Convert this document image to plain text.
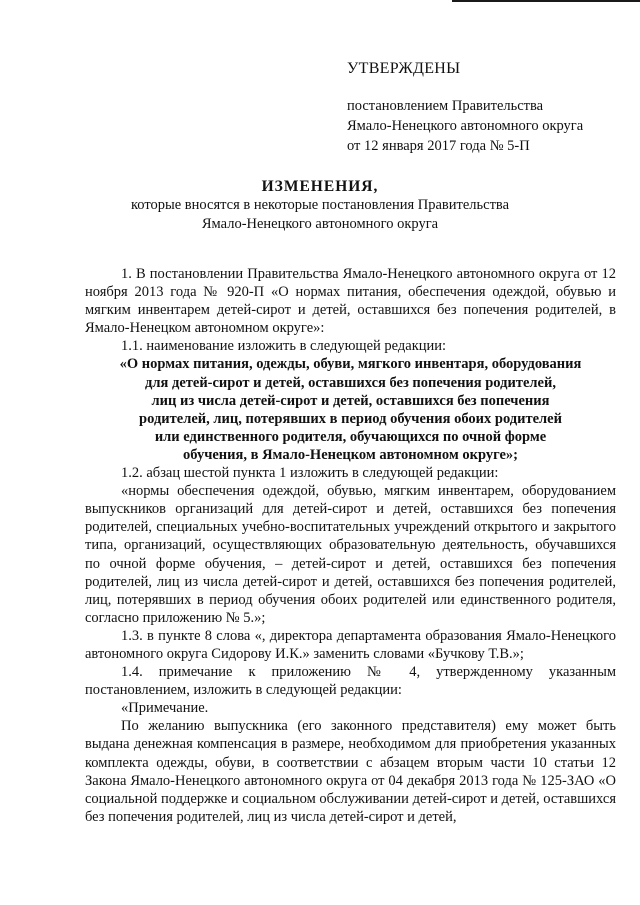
УТВЕРЖДЕНЫ
постановлением Правительства
Ямало-Ненецкого автономного округа
от 12 января 2017 года № 5-П
ИЗМЕНЕНИЯ,
которые вносятся в некоторые постановления Правительства
Ямало-Ненецкого автономного округа

1. В постановлении Правительства Ямало-Ненецкого автономного округа от 12 ноября 2013 года № 920-П «О нормах питания, обеспечения одеждой, обувью и мягким инвентарем детей-сирот и детей, оставшихся без попечения родителей, в Ямало-Ненецком автономном округе»:

1.1. наименование изложить в следующей редакции:

«О нормах питания, одежды, обуви, мягкого инвентаря, оборудования

для детей-сирот и детей, оставшихся без попечения родителей,

лиц из числа детей-сирот и детей, оставшихся без попечения

родителей, лиц, потерявших в период обучения обоих родителей

или единственного родителя, обучающихся по очной форме

обучения, в Ямало-Ненецком автономном округе»;

1.2. абзац шестой пункта 1 изложить в следующей редакции:

«нормы обеспечения одеждой, обувью, мягким инвентарем, оборудованием выпускников организаций для детей-сирот и детей, оставшихся без попечения родителей, специальных учебно-воспитательных учреждений открытого и закрытого типа, организаций, осуществляющих образовательную деятельность, обучавшихся по очной форме обучения, – детей-сирот и детей, оставшихся без попечения родителей, лиц из числа детей-сирот и детей, оставшихся без попечения родителей, лиц, потерявших в период обучения обоих родителей или единственного родителя, согласно приложению № 5.»;

1.3. в пункте 8 слова «, директора департамента образования Ямало-Ненецкого автономного округа Сидорову И.К.» заменить словами «Бучкову Т.В.»;

1.4. примечание к приложению № 4, утвержденному указанным постановлением, изложить в следующей редакции:

«Примечание.

По желанию выпускника (его законного представителя) ему может быть выдана денежная компенсация в размере, необходимом для приобретения указанных комплекта одежды, обуви, в соответствии с абзацем вторым части 10 статьи 12 Закона Ямало-Ненецкого автономного округа от 04 декабря 2013 года № 125-ЗАО «О социальной поддержке и социальном обслуживании детей-сирот и детей, оставшихся без попечения родителей, лиц из числа детей-сирот и детей,
